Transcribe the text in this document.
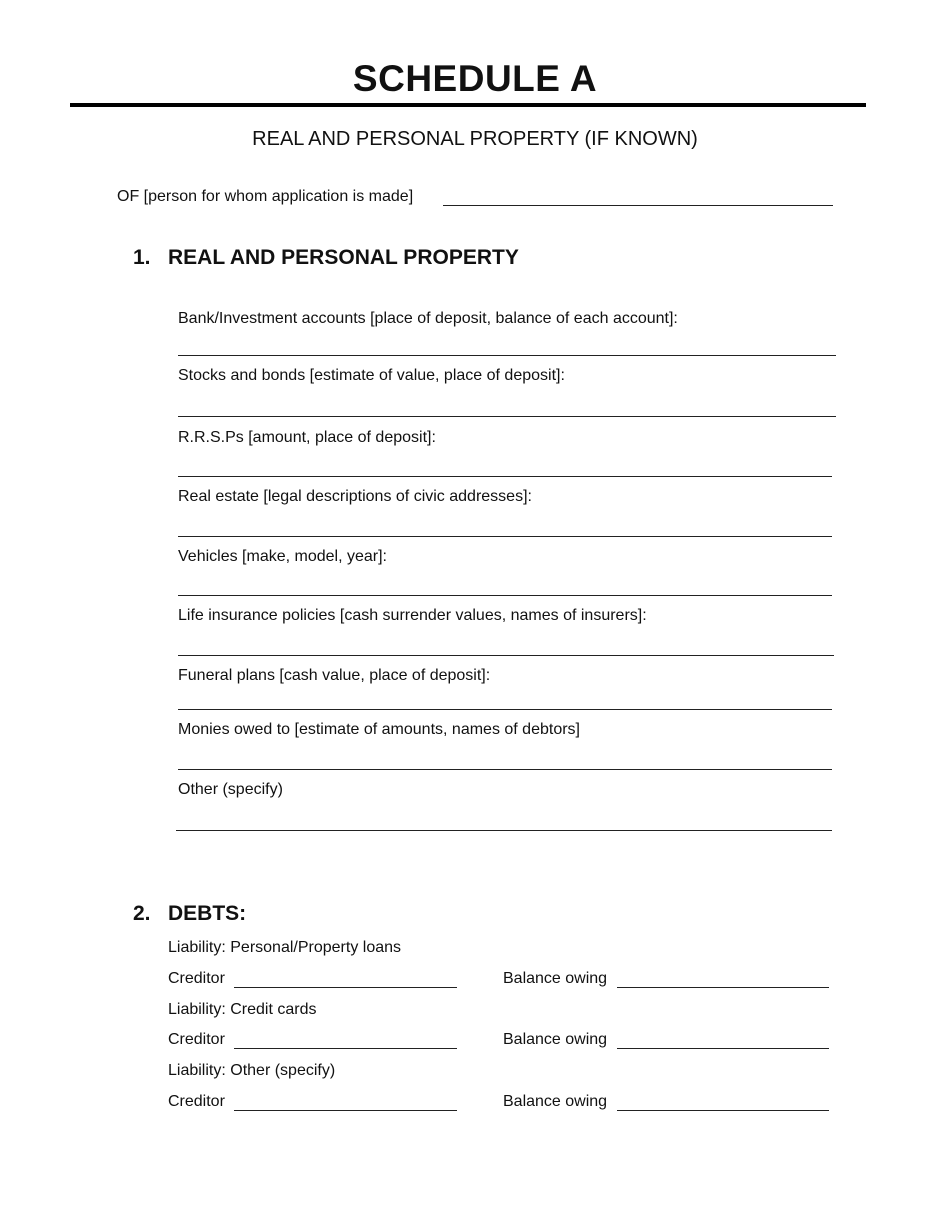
SCHEDULE A
REAL AND PERSONAL PROPERTY (IF KNOWN)
OF [person for whom application is made]
1. REAL AND PERSONAL PROPERTY
Bank/Investment accounts [place of deposit, balance of each account]:
Stocks and bonds [estimate of value, place of deposit]:
R.R.S.Ps [amount, place of deposit]:
Real estate [legal descriptions of civic addresses]:
Vehicles [make, model, year]:
Life insurance policies [cash surrender values, names of insurers]:
Funeral plans [cash value, place of deposit]:
Monies owed to [estimate of amounts, names of debtors]
Other (specify)
2. DEBTS:
Liability: Personal/Property loans
Creditor	Balance owing
Liability: Credit cards
Creditor	Balance owing
Liability: Other (specify)
Creditor	Balance owing
